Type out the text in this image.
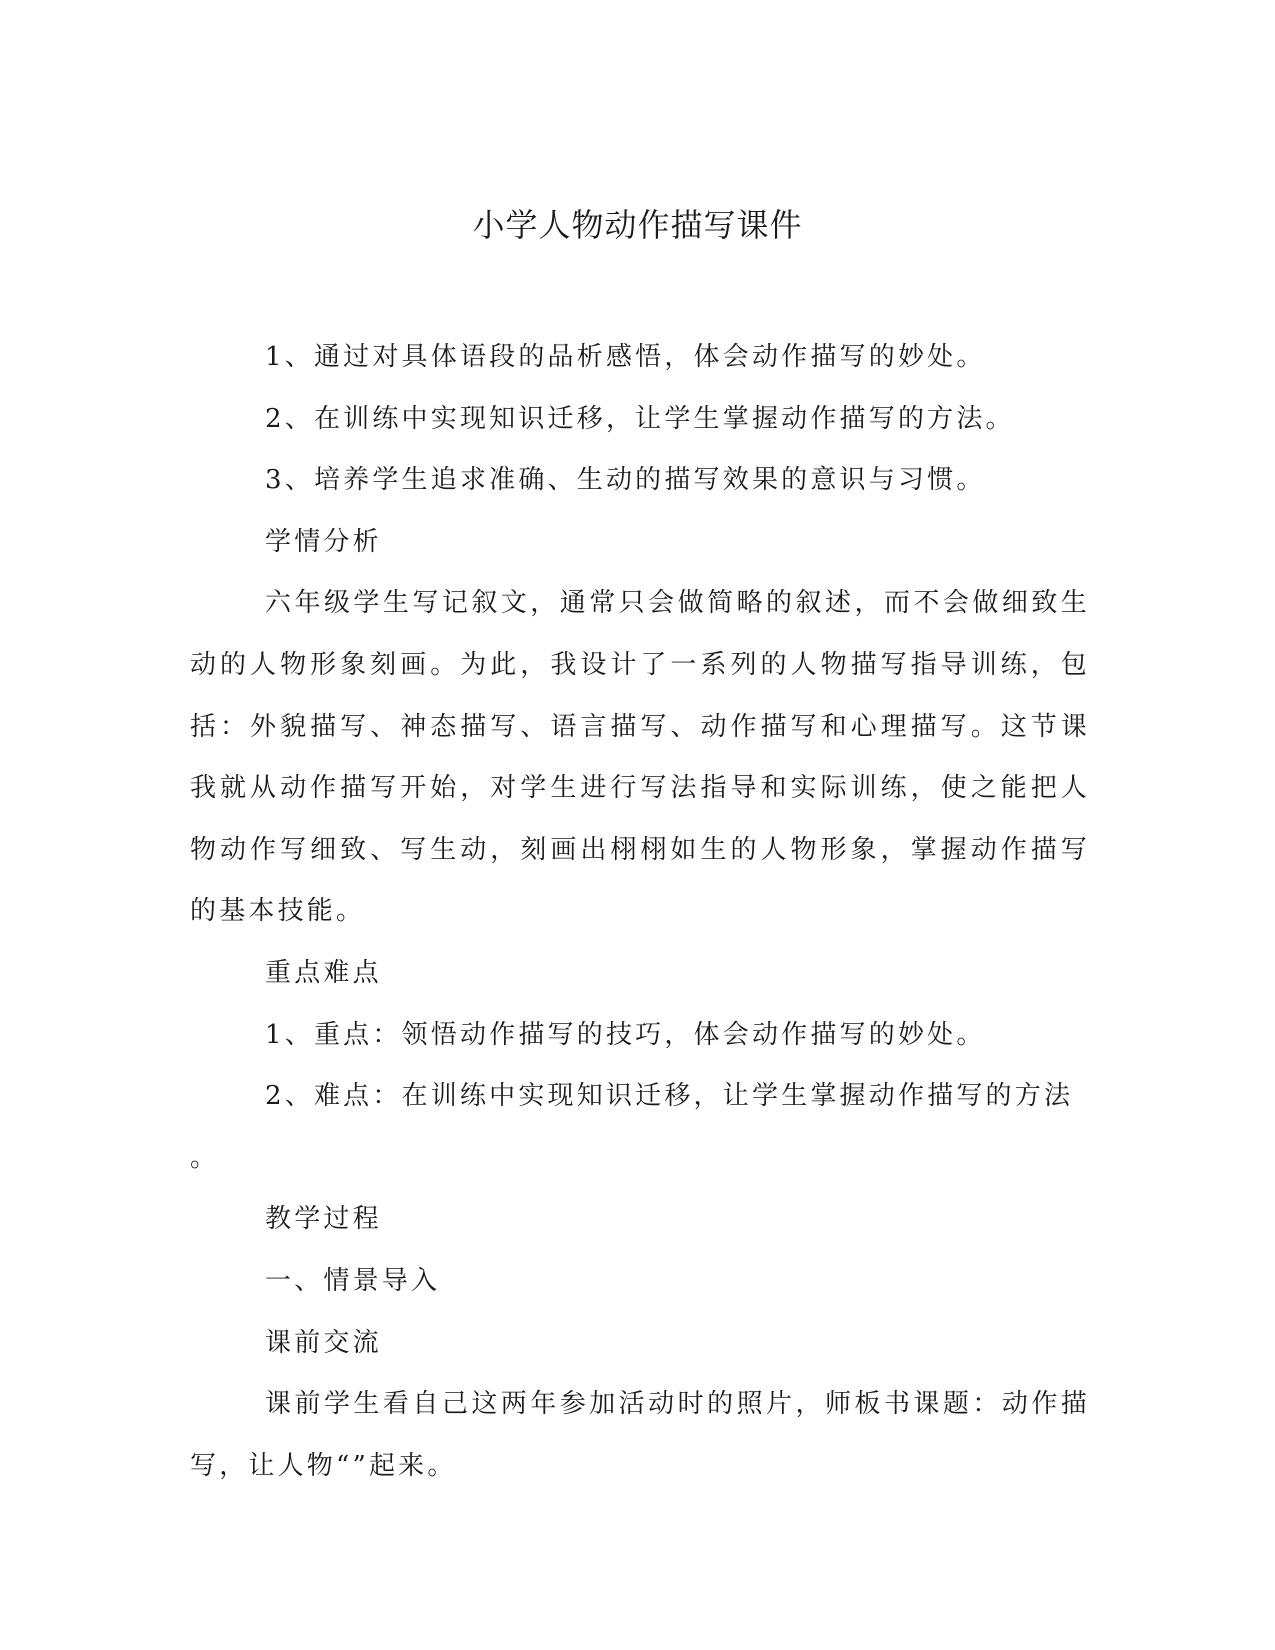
小学人物动作描写课件

1、通过对具体语段的品析感悟，体会动作描写的妙处。

2、在训练中实现知识迁移，让学生掌握动作描写的方法。

3、培养学生追求准确、生动的描写效果的意识与习惯。

学情分析

六年级学生写记叙文，通常只会做简略的叙述，而不会做细致生动的人物形象刻画。为此，我设计了一系列的人物描写指导训练，包括：外貌描写、神态描写、语言描写、动作描写和心理描写。这节课我就从动作描写开始，对学生进行写法指导和实际训练，使之能把人物动作写细致、写生动，刻画出栩栩如生的人物形象，掌握动作描写的基本技能。

重点难点

1、重点：领悟动作描写的技巧，体会动作描写的妙处。

2、难点：在训练中实现知识迁移，让学生掌握动作描写的方法

。

教学过程

一、情景导入

课前交流

课前学生看自己这两年参加活动时的照片，师板书课题：动作描写，让人物“”起来。
